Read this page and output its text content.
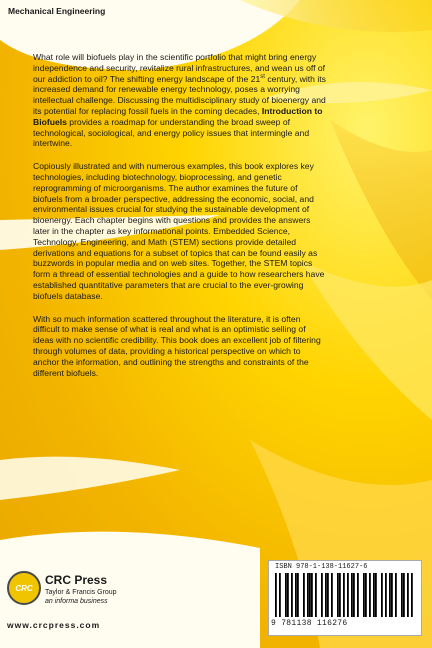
Mechanical Engineering

What role will biofuels play in the scientific portfolio that might bring energy independence and security, revitalize rural infrastructures, and wean us off of our addiction to oil? The shifting energy landscape of the 21st century, with its increased demand for renewable energy technology, poses a worrying intellectual challenge. Discussing the multidisciplinary study of bioenergy and its potential for replacing fossil fuels in the coming decades, Introduction to Biofuels provides a roadmap for understanding the broad sweep of technological, sociological, and energy policy issues that intermingle and intertwine.

Copiously illustrated and with numerous examples, this book explores key technologies, including biotechnology, bioprocessing, and genetic reprogramming of microorganisms. The author examines the future of biofuels from a broader perspective, addressing the economic, social, and environmental issues crucial for studying the sustainable development of bioenergy. Each chapter begins with questions and provides the answers later in the chapter as key informational points. Embedded Science, Technology, Engineering, and Math (STEM) sections provide detailed derivations and equations for a subset of topics that can be found easily as buzzwords in popular media and on web sites. Together, the STEM topics form a thread of essential technologies and a guide to how researchers have established quantitative parameters that are crucial to the ever-growing biofuels database.

With so much information scattered throughout the literature, it is often difficult to make sense of what is real and what is an optimistic selling of ideas with no scientific credibility. This book does an excellent job of filtering through volumes of data, providing a historical perspective on which to anchor the information, and outlining the strengths and constraints of the different biofuels.

CRC
CRC Press
Taylor & Francis Group
an informa business
www.crcpress.com
ISBN 978-1-138-11627-6
9 781138 116276
